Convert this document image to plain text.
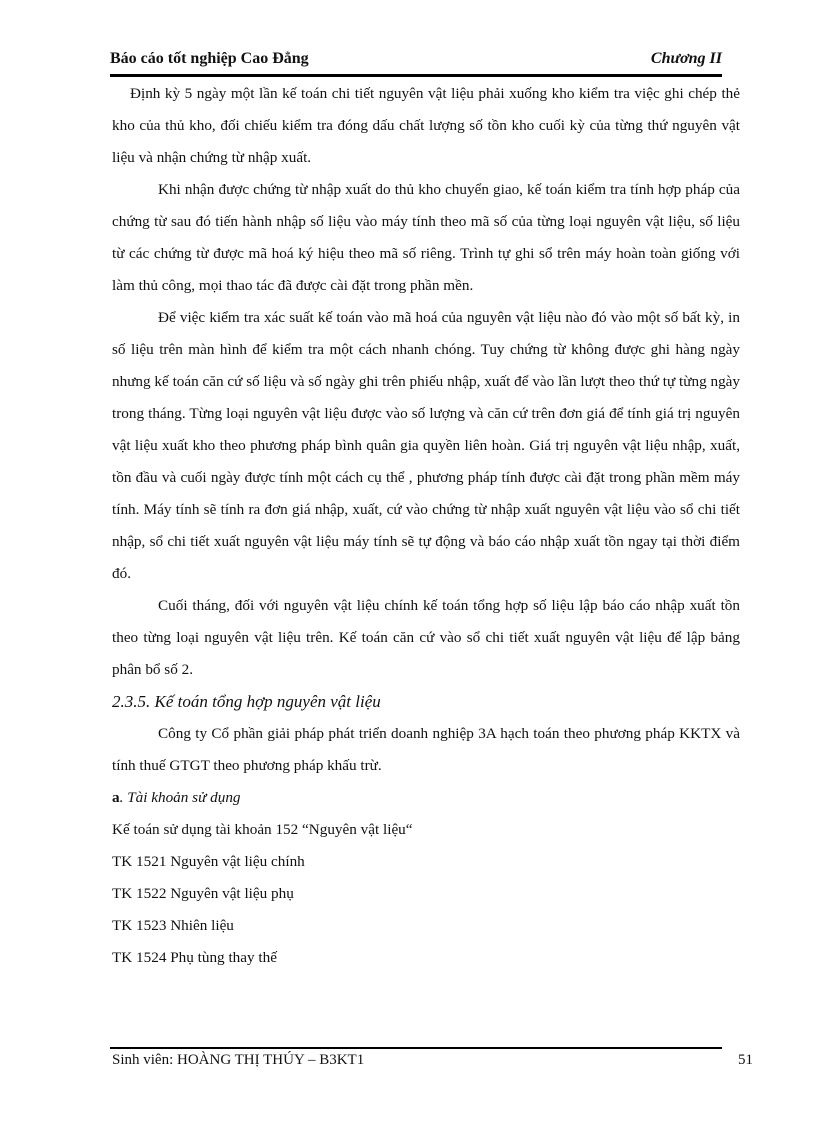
Báo cáo tốt nghiệp Cao Đẳng	Chương II

Định kỳ 5 ngày một lần kế toán chi tiết nguyên vật liệu phải xuống kho kiểm tra việc ghi chép thẻ kho của thủ kho, đối chiếu kiểm tra đóng dấu chất lượng số tồn kho cuối kỳ của từng thứ nguyên vật liệu và nhận chứng từ nhập xuất.

Khi nhận được chứng từ nhập xuất do thủ kho chuyển giao, kế toán kiểm tra tính hợp pháp của chứng từ sau đó tiến hành nhập số liệu vào máy tính theo mã số của từng loại nguyên vật liệu, số liệu từ các chứng từ được mã hoá ký hiệu theo mã số riêng. Trình tự ghi sổ trên máy hoàn toàn giống với làm thủ công, mọi thao tác đã được cài đặt trong phần mền.

Để việc kiểm tra xác suất kế toán vào mã hoá của nguyên vật liệu nào đó vào một số bất kỳ, in số liệu trên màn hình để kiểm tra một cách nhanh chóng. Tuy chứng từ không được ghi hàng ngày nhưng kế toán căn cứ số liệu và số ngày ghi trên phiếu nhập, xuất để vào lần lượt theo thứ tự từng ngày trong tháng. Từng loại nguyên vật liệu được vào số lượng và căn cứ trên đơn giá để tính giá trị nguyên vật liệu xuất kho theo phương pháp bình quân gia quyền liên hoàn. Giá trị nguyên vật liệu nhập, xuất, tồn đầu và cuối ngày được tính một cách cụ thể , phương pháp tính được cài đặt trong phần mềm máy tính. Máy tính sẽ tính ra đơn giá nhập, xuất, cứ vào chứng từ nhập xuất nguyên vật liệu vào sổ chi tiết nhập, sổ chi tiết xuất nguyên vật liệu máy tính sẽ tự động và báo cáo nhập xuất tồn ngay tại thời điểm đó.

Cuối tháng, đối với nguyên vật liệu chính kế toán tổng hợp số liệu lập báo cáo nhập xuất tồn theo từng loại nguyên vật liệu trên. Kế toán căn cứ vào sổ chi tiết xuất nguyên vật liệu để lập bảng phân bổ số 2.

2.3.5. Kế toán tổng hợp nguyên vật liệu

Công ty Cổ phần giải pháp phát triển doanh nghiệp 3A hạch toán theo phương pháp KKTX và tính thuế GTGT theo phương pháp khấu trừ.

a. Tài khoản sử dụng

Kế toán sử dụng tài khoản 152 “Nguyên vật liệu“

TK 1521 Nguyên vật liệu chính

TK 1522 Nguyên vật liệu phụ

TK 1523 Nhiên liệu

TK 1524 Phụ tùng thay thế

Sinh viên: HOÀNG THỊ THÚY – B3KT1	51
